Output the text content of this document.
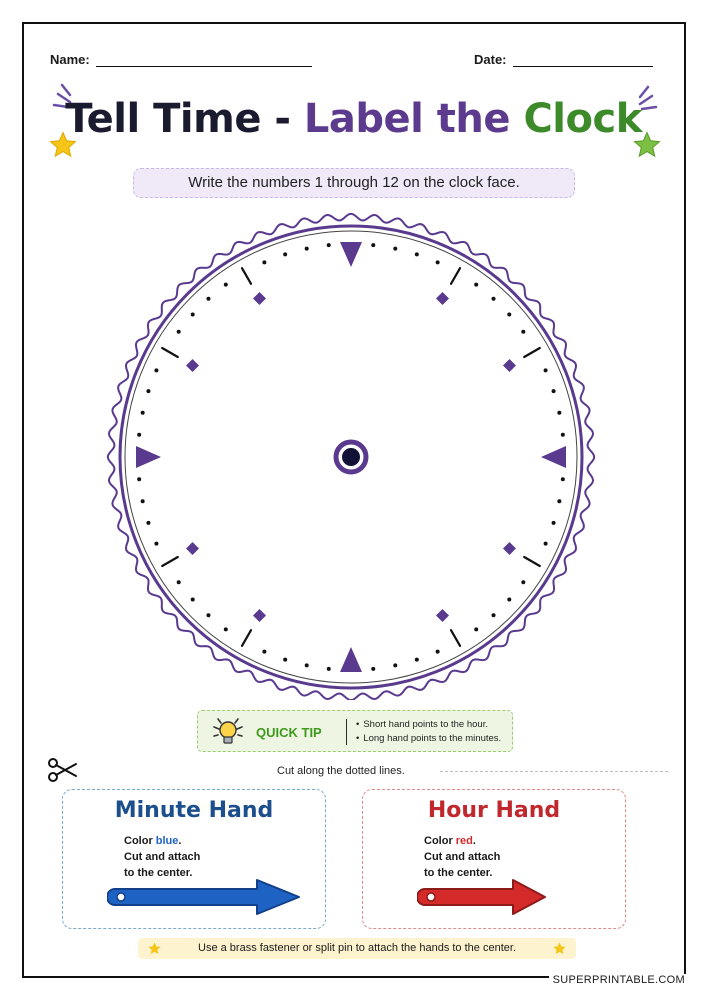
Name:	Date:
Tell Time - Label the Clock
Write the numbers 1 through 12 on the clock face.
QUICK TIP
• Short hand points to the hour.
• Long hand points to the minutes.
Cut along the dotted lines.
Minute Hand
Color blue.
Cut and attach
to the center.
Hour Hand
Color red.
Cut and attach
to the center.
Use a brass fastener or split pin to attach the hands to the center.
SUPERPRINTABLE.COM
